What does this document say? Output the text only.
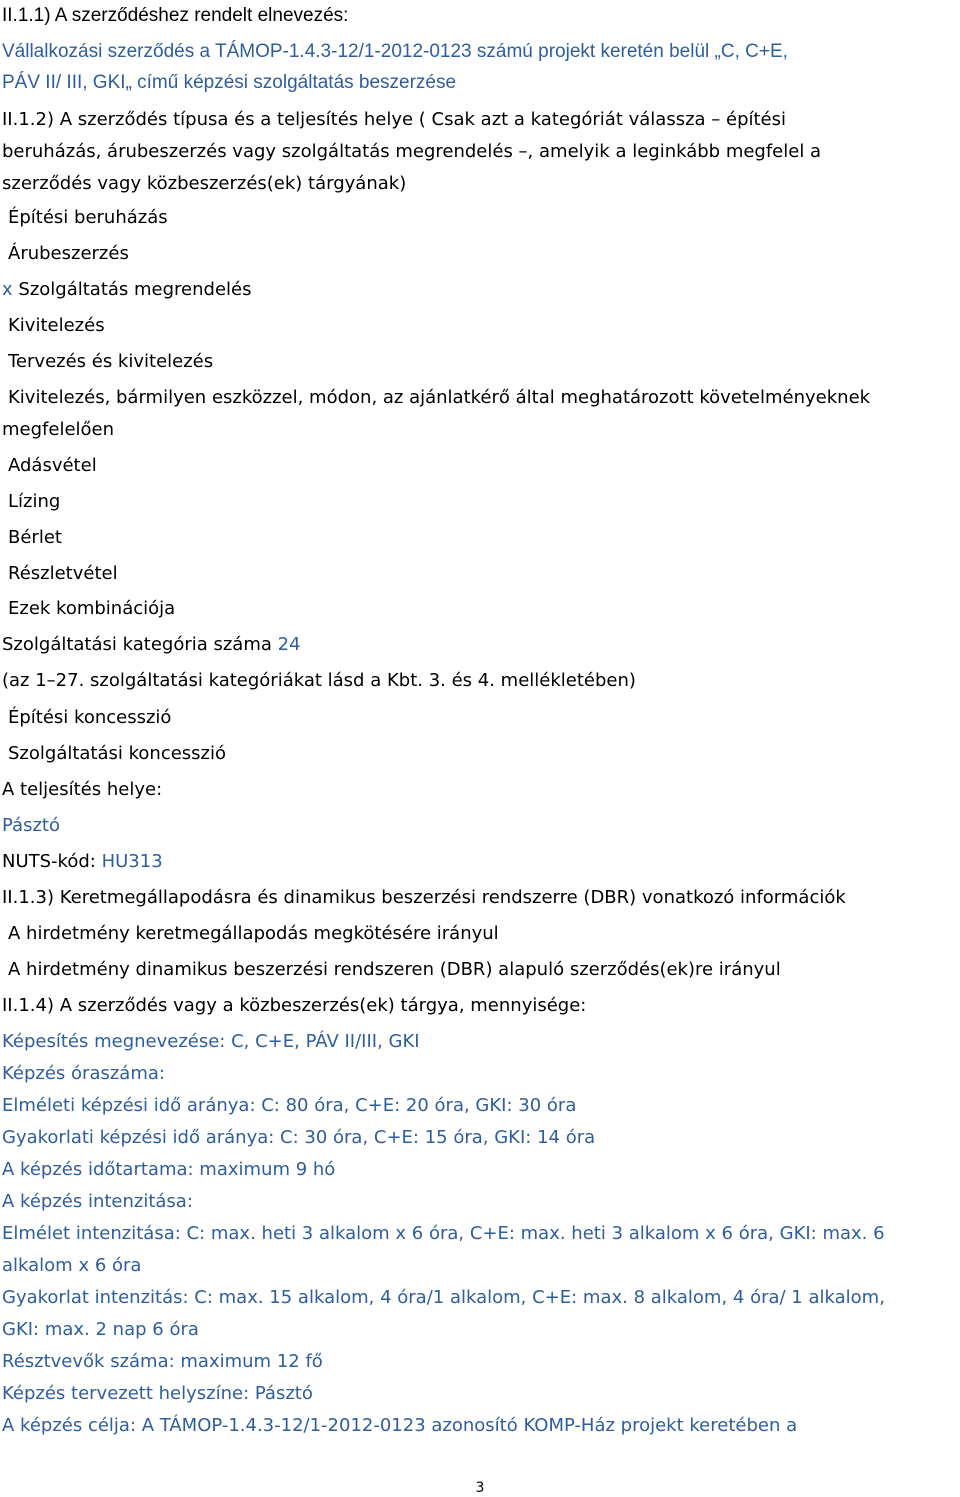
II.1.1) A szerződéshez rendelt elnevezés:
Vállalkozási szerződés a TÁMOP-1.4.3-12/1-2012-0123 számú projekt keretén belül „C, C+E,
PÁV II/ III, GKI„ című képzési szolgáltatás beszerzése
II.1.2) A szerződés típusa és a teljesítés helye ( Csak azt a kategóriát válassza – építési
beruházás, árubeszerzés vagy szolgáltatás megrendelés –, amelyik a leginkább megfelel a
szerződés vagy közbeszerzés(ek) tárgyának)
Építési beruházás
Árubeszerzés
x Szolgáltatás megrendelés
Kivitelezés
Tervezés és kivitelezés
Kivitelezés, bármilyen eszközzel, módon, az ajánlatkérő által meghatározott követelményeknek
megfelelően
Adásvétel
Lízing
Bérlet
Részletvétel
Ezek kombinációja
Szolgáltatási kategória száma 24
(az 1–27. szolgáltatási kategóriákat lásd a Kbt. 3. és 4. mellékletében)
Építési koncesszió
Szolgáltatási koncesszió
A teljesítés helye:
Pásztó
NUTS-kód: HU313
II.1.3) Keretmegállapodásra és dinamikus beszerzési rendszerre (DBR) vonatkozó információk
A hirdetmény keretmegállapodás megkötésére irányul
A hirdetmény dinamikus beszerzési rendszeren (DBR) alapuló szerződés(ek)re irányul
II.1.4) A szerződés vagy a közbeszerzés(ek) tárgya, mennyisége:
Képesítés megnevezése: C, C+E, PÁV II/III, GKI
Képzés óraszáma:
Elméleti képzési idő aránya: C: 80 óra, C+E: 20 óra, GKI: 30 óra
Gyakorlati képzési idő aránya: C: 30 óra, C+E: 15 óra, GKI: 14 óra
A képzés időtartama: maximum 9 hó
A képzés intenzitása:
Elmélet intenzitása: C: max. heti 3 alkalom x 6 óra, C+E: max. heti 3 alkalom x 6 óra, GKI: max. 6
alkalom x 6 óra
Gyakorlat intenzitás: C: max. 15 alkalom, 4 óra/1 alkalom, C+E: max. 8 alkalom, 4 óra/ 1 alkalom,
GKI: max. 2 nap 6 óra
Résztvevők száma: maximum 12 fő
Képzés tervezett helyszíne: Pásztó
A képzés célja: A TÁMOP-1.4.3-12/1-2012-0123 azonosító KOMP-Ház projekt keretében a
3
